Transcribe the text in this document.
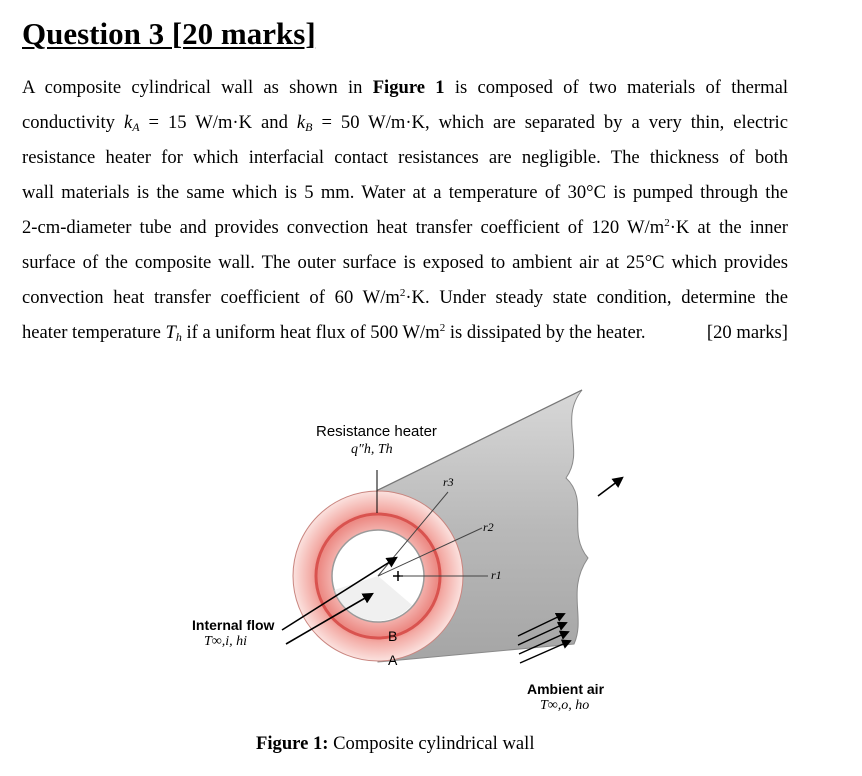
Question 3 [20 marks]
A composite cylindrical wall as shown in Figure 1 is composed of two materials of thermal
conductivity $k_A = 15$ W/m·K and $k_B = 50$ W/m·K, which are separated by a very thin, electric
resistance heater for which interfacial contact resistances are negligible. The thickness of both
wall materials is the same which is 5 mm. Water at a temperature of 30°C is pumped through the
2-cm-diameter tube and provides convection heat transfer coefficient of 120 $W/m^2\cdot K$ at the inner
surface of the composite wall. The outer surface is exposed to ambient air at 25°C which provides
convection heat transfer coefficient of 60 $W/m^2\cdot K$. Under steady state condition, determine the
heater temperature $T_h$ if a uniform heat flux of 500 $W/m^2$ is dissipated by the heater.	[20 marks]
B
A
Resistance heater
q″h, Th
r3
r2
r1
Internal flow
T∞,i, hi
Ambient air
T∞,o, ho
Figure 1: Composite cylindrical wall
